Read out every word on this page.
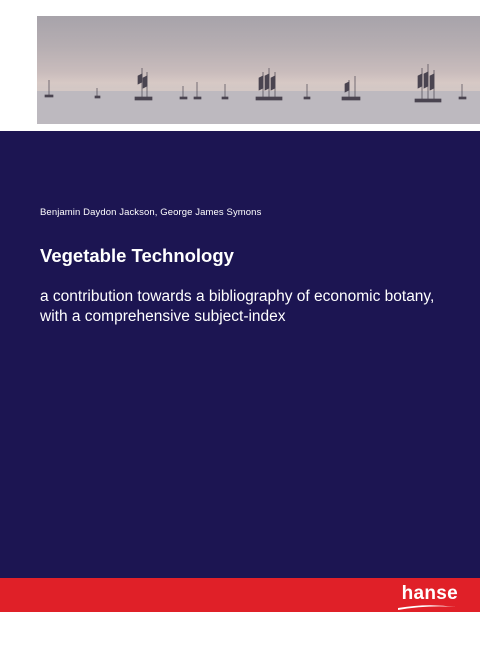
Benjamin Daydon Jackson, George James Symons
Vegetable Technology
a contribution towards a bibliography of economic botany, with a comprehensive subject-index
hanse
